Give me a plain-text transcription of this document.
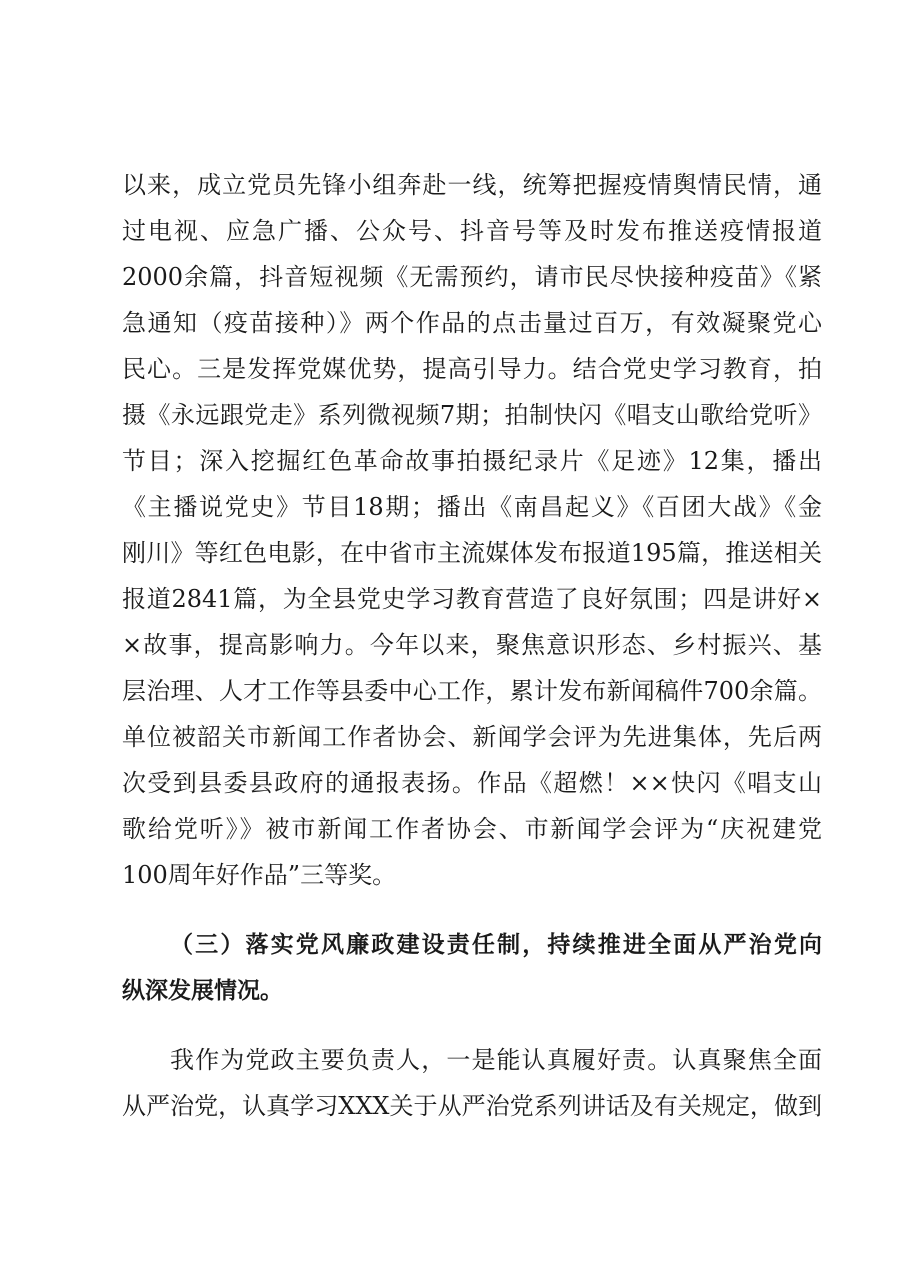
以来，成立党员先锋小组奔赴一线，统筹把握疫情舆情民情，通
过电视、应急广播、公众号、抖音号等及时发布推送疫情报道
2000余篇，抖音短视频《无需预约，请市民尽快接种疫苗》《紧
急通知（疫苗接种）》两个作品的点击量过百万，有效凝聚党心
民心。三是发挥党媒优势，提高引导力。结合党史学习教育，拍
摄《永远跟党走》系列微视频7期；拍制快闪《唱支山歌给党听》
节目；深入挖掘红色革命故事拍摄纪录片《足迹》12集，播出
《主播说党史》节目18期；播出《南昌起义》《百团大战》《金
刚川》等红色电影，在中省市主流媒体发布报道195篇，推送相关
报道2841篇，为全县党史学习教育营造了良好氛围；四是讲好×
×故事，提高影响力。今年以来，聚焦意识形态、乡村振兴、基
层治理、人才工作等县委中心工作，累计发布新闻稿件700余篇。
单位被韶关市新闻工作者协会、新闻学会评为先进集体，先后两
次受到县委县政府的通报表扬。作品《超燃！××快闪《唱支山
歌给党听》》被市新闻工作者协会、市新闻学会评为“庆祝建党
100周年好作品”三等奖。
（三）落实党风廉政建设责任制，持续推进全面从严治党向
纵深发展情况。
我作为党政主要负责人，一是能认真履好责。认真聚焦全面
从严治党，认真学习XXX关于从严治党系列讲话及有关规定，做到
